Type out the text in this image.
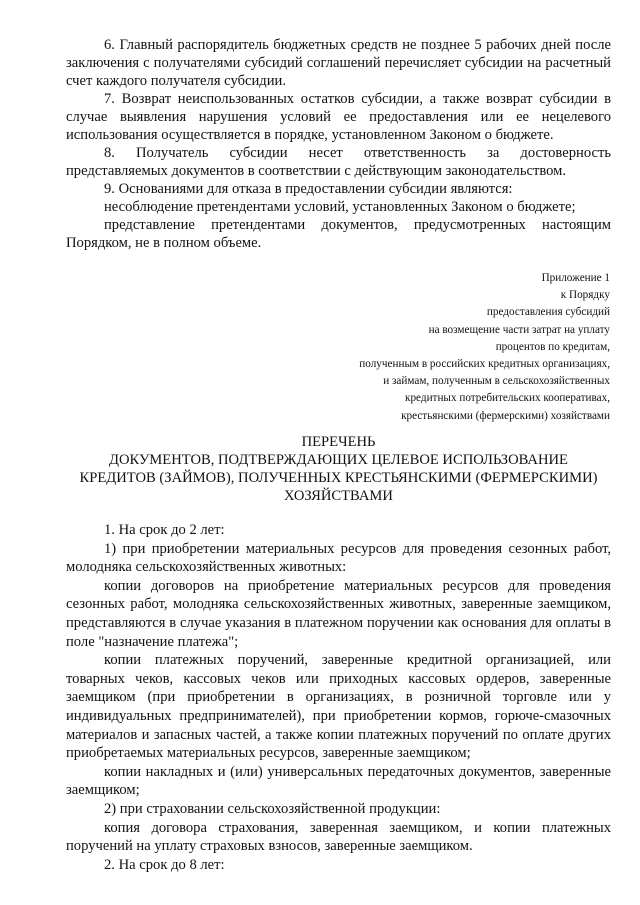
6. Главный распорядитель бюджетных средств не позднее 5 рабочих дней после заключения с получателями субсидий соглашений перечисляет субсидии на расчетный счет каждого получателя субсидии.

7. Возврат неиспользованных остатков субсидии, а также возврат субсидии в случае выявления нарушения условий ее предоставления или ее нецелевого использования осуществляется в порядке, установленном Законом о бюджете.

8. Получатель субсидии несет ответственность за достоверность представляемых документов в соответствии с действующим законодательством.

9. Основаниями для отказа в предоставлении субсидии являются:

несоблюдение претендентами условий, установленных Законом о бюджете;

представление претендентами документов, предусмотренных настоящим Порядком, не в полном объеме.

Приложение 1
к Порядку
предоставления субсидий
на возмещение части затрат на уплату
процентов по кредитам,
полученным в российских кредитных организациях,
и займам, полученным в сельскохозяйственных
кредитных потребительских кооперативах,
крестьянскими (фермерскими) хозяйствами
ПЕРЕЧЕНЬ
ДОКУМЕНТОВ, ПОДТВЕРЖДАЮЩИХ ЦЕЛЕВОЕ ИСПОЛЬЗОВАНИЕ
КРЕДИТОВ (ЗАЙМОВ), ПОЛУЧЕННЫХ КРЕСТЬЯНСКИМИ (ФЕРМЕРСКИМИ)
ХОЗЯЙСТВАМИ

1. На срок до 2 лет:

1) при приобретении материальных ресурсов для проведения сезонных работ, молодняка сельскохозяйственных животных:

копии договоров на приобретение материальных ресурсов для проведения сезонных работ, молодняка сельскохозяйственных животных, заверенные заемщиком, представляются в случае указания в платежном поручении как основания для оплаты в поле "назначение платежа";

копии платежных поручений, заверенные кредитной организацией, или товарных чеков, кассовых чеков или приходных кассовых ордеров, заверенные заемщиком (при приобретении в организациях, в розничной торговле или у индивидуальных предпринимателей), при приобретении кормов, горюче-смазочных материалов и запасных частей, а также копии платежных поручений по оплате других приобретаемых материальных ресурсов, заверенные заемщиком;

копии накладных и (или) универсальных передаточных документов, заверенные заемщиком;

2) при страховании сельскохозяйственной продукции:

копия договора страхования, заверенная заемщиком, и копии платежных поручений на уплату страховых взносов, заверенные заемщиком.

2. На срок до 8 лет:
